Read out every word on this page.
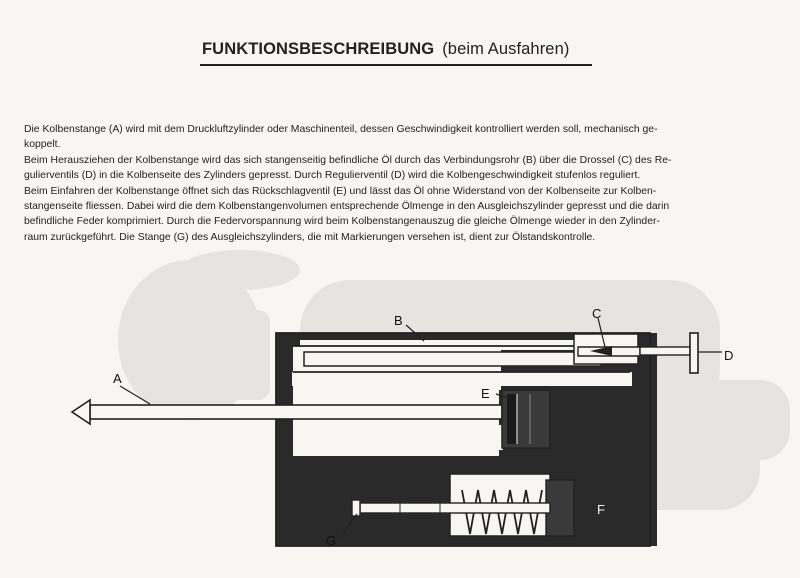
FUNKTIONSBESCHREIBUNG (beim Ausfahren)

Die Kolbenstange (A) wird mit dem Druckluftzylinder oder Maschinenteil, dessen Geschwindigkeit kontrolliert werden soll, mechanisch ge-

koppelt.

Beim Herausziehen der Kolbenstange wird das sich stangenseitig befindliche Öl durch das Verbindungsrohr (B) über die Drossel (C) des Re-

gulierventils (D) in die Kolbenseite des Zylinders gepresst. Durch Regulierventil (D) wird die Kolbengeschwindigkeit stufenlos reguliert.

Beim Einfahren der Kolbenstange öffnet sich das Rückschlagventil (E) und lässt das Öl ohne Widerstand von der Kolbenseite zur Kolben-

stangenseite fliessen. Dabei wird die dem Kolbenstangenvolumen entsprechende Ölmenge in den Ausgleichszylinder gepresst und die darin

befindliche Feder komprimiert. Durch die Federvorspannung wird beim Kolbenstangenauszug die gleiche Ölmenge wieder in den Zylinder-

raum zurückgeführt. Die Stange (G) des Ausgleichszylinders, die mit Markierungen versehen ist, dient zur Ölstandskontrolle.

A
B	C
D
E
F
G
